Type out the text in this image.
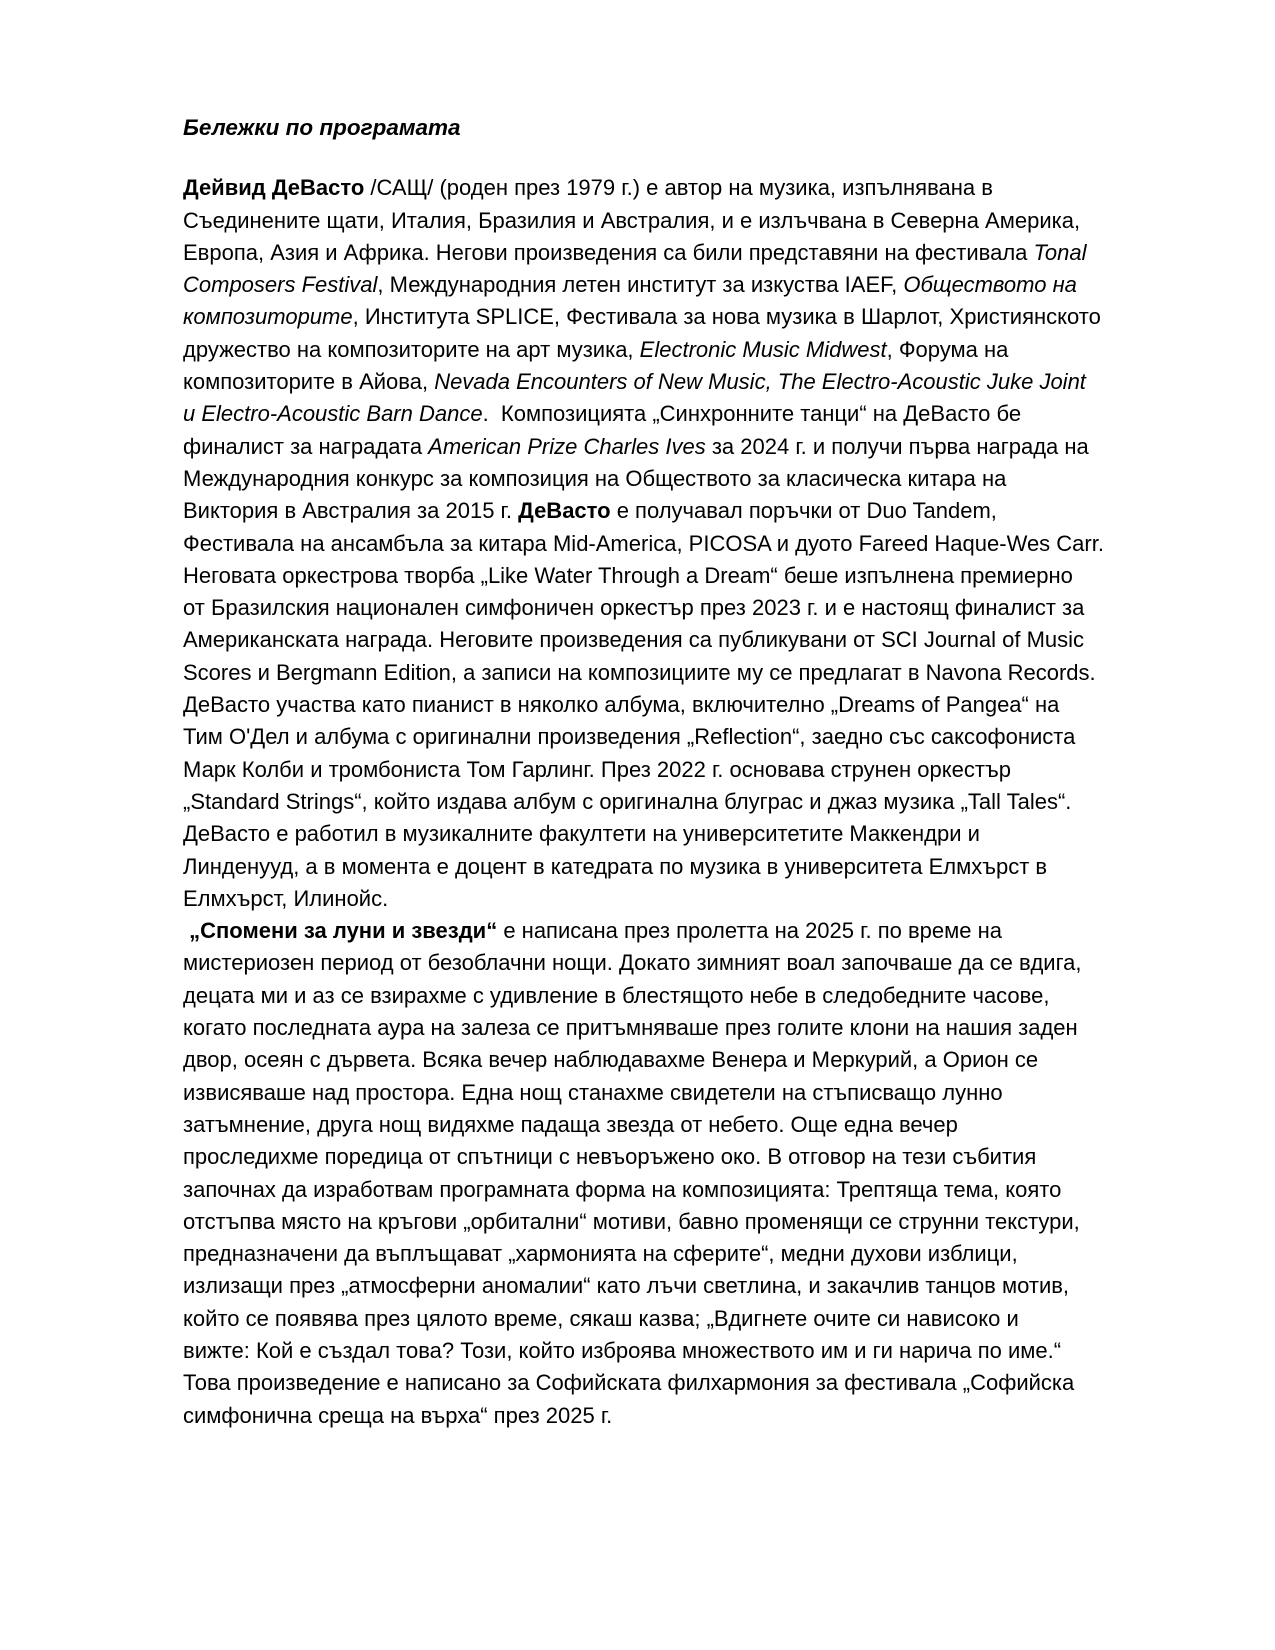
Бележки по програмата
Дейвид ДеВасто /САЩ/ (роден през 1979 г.) е автор на музика, изпълнявана в
Съединените щати, Италия, Бразилия и Австралия, и е излъчвана в Северна Америка,
Европа, Азия и Африка. Негови произведения са били представяни на фестивала Tonal
Composers Festival, Международния летен институт за изкуства IAEF, Обществото на
композиторите, Института SPLICE, Фестивала за нова музика в Шарлот, Християнското
дружество на композиторите на арт музика, Electronic Music Midwest, Форума на
композиторите в Айова, Nevada Encounters of New Music, The Electro-Acoustic Juke Joint
и Electro-Acoustic Barn Dance.  Композицията „Синхронните танци“ на ДеВасто бе
финалист за наградата American Prize Charles Ives за 2024 г. и получи първа награда на
Международния конкурс за композиция на Обществото за класическа китара на
Виктория в Австралия за 2015 г. ДеВасто е получавал поръчки от Duo Tandem,
Фестивала на ансамбъла за китара Mid-America, PICOSA и дуото Fareed Haque-Wes Carr.
Неговата оркестрова творба „Like Water Through a Dream“ беше изпълнена премиерно
от Бразилския национален симфоничен оркестър през 2023 г. и е настоящ финалист за
Американската награда. Неговите произведения са публикувани от SCI Journal of Music
Scores и Bergmann Edition, а записи на композициите му се предлагат в Navona Records.
ДеВасто участва като пианист в няколко албума, включително „Dreams of Pangea“ на
Тим О'Дел и албума с оригинални произведения „Reflection“, заедно със саксофониста
Марк Колби и тромбониста Том Гарлинг. През 2022 г. основава струнен оркестър
„Standard Strings“, който издава албум с оригинална блуграс и джаз музика „Tall Tales“.
ДеВасто е работил в музикалните факултети на университетите Маккендри и
Линденууд, а в момента е доцент в катедрата по музика в университета Елмхърст в
Елмхърст, Илинойс.
„Спомени за луни и звезди“ е написана през пролетта на 2025 г. по време на
мистериозен период от безоблачни нощи. Докато зимният воал започваше да се вдига,
децата ми и аз се взирахме с удивление в блестящото небе в следобедните часове,
когато последната аура на залеза се притъмняваше през голите клони на нашия заден
двор, осеян с дървета. Всяка вечер наблюдавахме Венера и Меркурий, а Орион се
извисяваше над простора. Една нощ станахме свидетели на стъписващо лунно
затъмнение, друга нощ видяхме падаща звезда от небето. Още една вечер
проследихме поредица от спътници с невъоръжено око. В отговор на тези събития
започнах да изработвам програмната форма на композицията: Трептяща тема, която
отстъпва място на кръгови „орбитални“ мотиви, бавно променящи се струнни текстури,
предназначени да въплъщават „хармонията на сферите“, медни духови изблици,
излизащи през „атмосферни аномалии“ като лъчи светлина, и закачлив танцов мотив,
който се появява през цялото време, сякаш казва; „Вдигнете очите си нависоко и
вижте: Кой е създал това? Този, който изброява множеството им и ги нарича по име.“
Това произведение е написано за Софийската филхармония за фестивала „Софийска
симфонична среща на върха“ през 2025 г.
